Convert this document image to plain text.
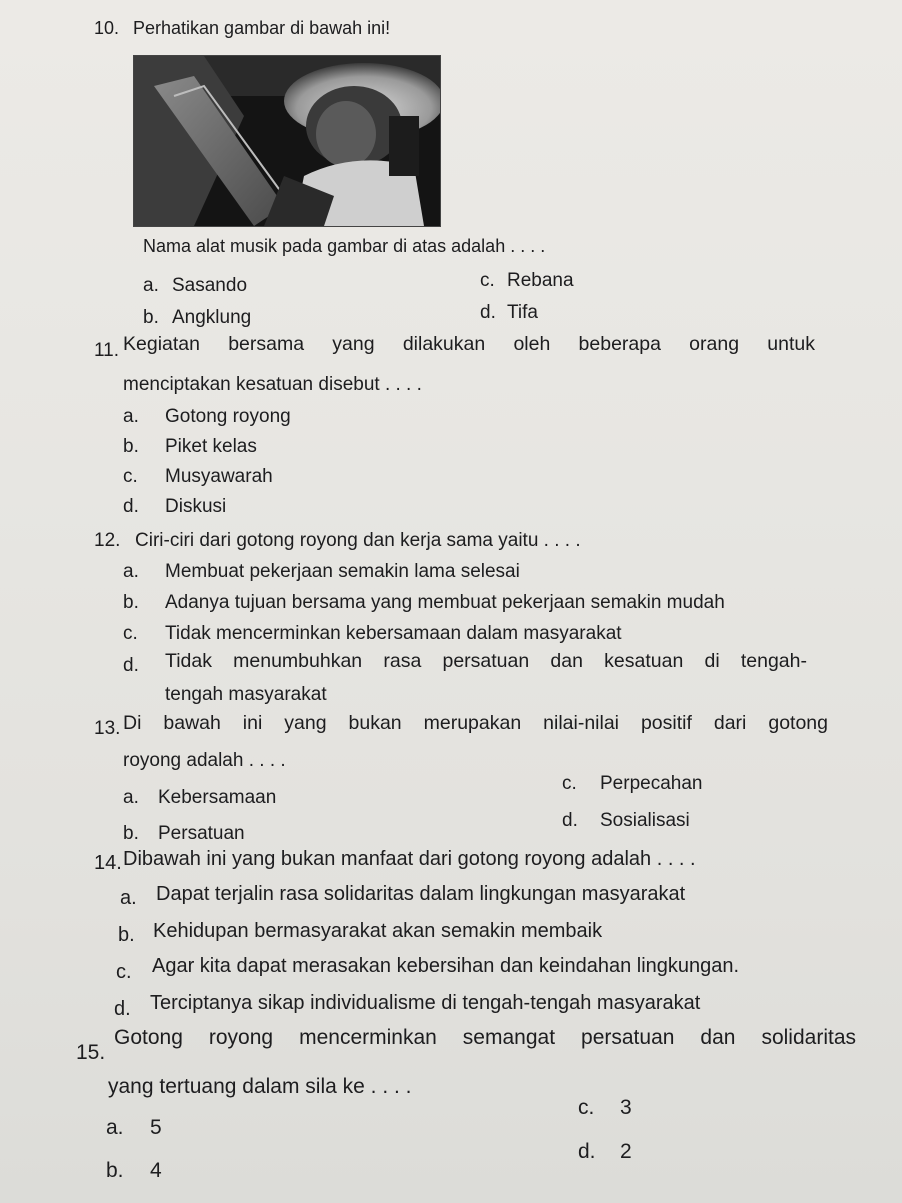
10. Perhatikan gambar di bawah ini!
Nama alat musik pada gambar di atas adalah . . . .
a. Sasando	c. Rebana
b. Angklung	d. Tifa
11. Kegiatan bersama yang dilakukan oleh beberapa orang untuk
menciptakan kesatuan disebut . . . .
a. Gotong royong
b. Piket kelas
c. Musyawarah
d. Diskusi
12. Ciri-ciri dari gotong royong dan kerja sama yaitu . . . .
a. Membuat pekerjaan semakin lama selesai
b. Adanya tujuan bersama yang membuat pekerjaan semakin mudah
c. Tidak mencerminkan kebersamaan dalam masyarakat
d. Tidak menumbuhkan rasa persatuan dan kesatuan di tengah-
tengah masyarakat
13. Di bawah ini yang bukan merupakan nilai-nilai positif dari gotong
royong adalah . . . .
a. Kebersamaan
c. Perpecahan
b. Persatuan
d. Sosialisasi
14. Dibawah ini yang bukan manfaat dari gotong royong adalah . . . .
a. Dapat terjalin rasa solidaritas dalam lingkungan masyarakat
b. Kehidupan bermasyarakat akan semakin membaik
c. Agar kita dapat merasakan kebersihan dan keindahan lingkungan.
d. Terciptanya sikap individualisme di tengah-tengah masyarakat
15.
Gotong royong mencerminkan semangat persatuan dan solidaritas
yang tertuang dalam sila ke . . . .
a. 5
c. 3
b. 4
d. 2
